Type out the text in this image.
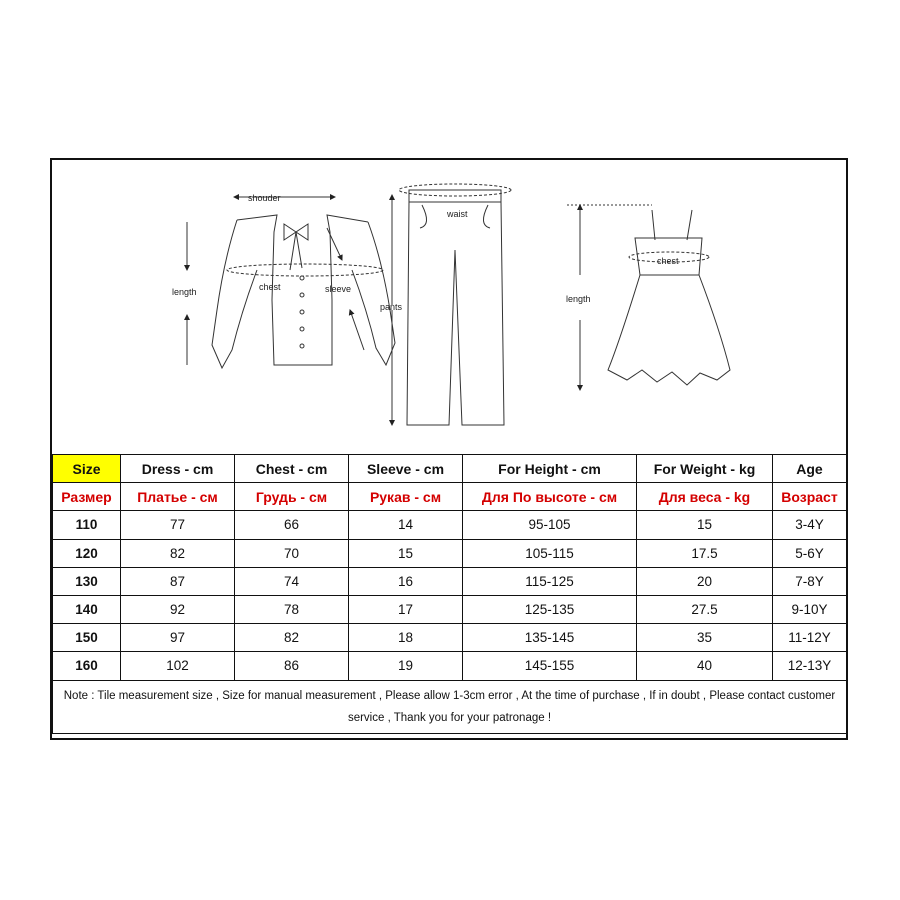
shouder
length	chest	sleeve
waist
pants
chest
length
Size	Dress - cm	Chest - cm	Sleeve - cm	For Height - cm	For Weight - kg	Age
Размер	Платье - см	Грудь - см	Рукав - см	Для По высоте - см	Для веса - kg	Возраст
110	77	66	14	95-105	15	3-4Y
120	82	70	15	105-115	17.5	5-6Y
130	87	74	16	115-125	20	7-8Y
140	92	78	17	125-135	27.5	9-10Y
150	97	82	18	135-145	35	11-12Y
160	102	86	19	145-155	40	12-13Y
Note : Tile measurement size , Size for manual measurement , Please allow 1-3cm error , At the time of purchase , If in doubt , Please contact customer service , Thank you for your patronage !						
